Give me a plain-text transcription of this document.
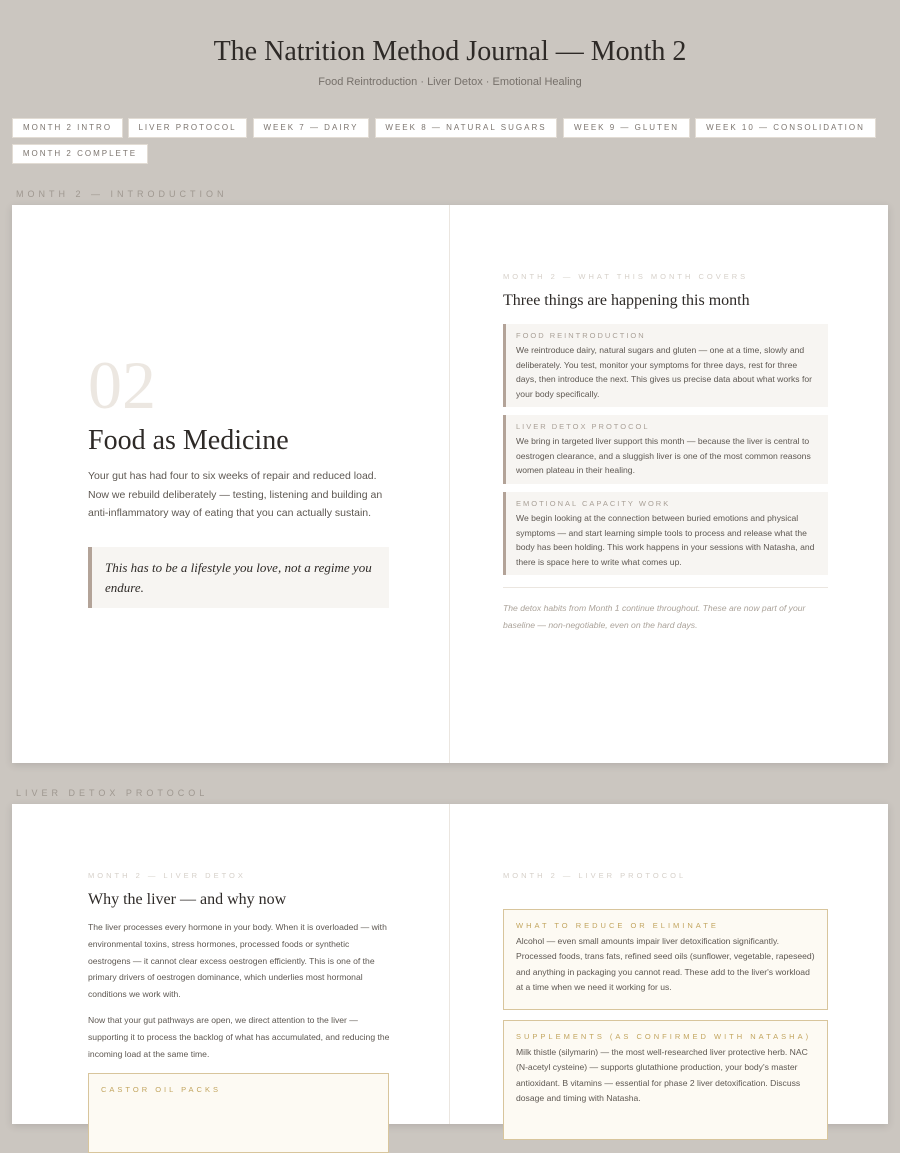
The Natrition Method Journal — Month 2
Food Reintroduction · Liver Detox · Emotional Healing
MONTH 2 INTRO	LIVER PROTOCOL	WEEK 7 — DAIRY	WEEK 8 — NATURAL SUGARS	WEEK 9 — GLUTEN	WEEK 10 — CONSOLIDATION
MONTH 2 COMPLETE
MONTH 2 — INTRODUCTION
02
Food as Medicine
Your gut has had four to six weeks of repair and reduced load. Now we rebuild deliberately — testing, listening and building an anti-inflammatory way of eating that you can actually sustain.
This has to be a lifestyle you love, not a regime you endure.
MONTH 2 — WHAT THIS MONTH COVERS
Three things are happening this month
FOOD REINTRODUCTION
We reintroduce dairy, natural sugars and gluten — one at a time, slowly and deliberately. You test, monitor your symptoms for three days, rest for three days, then introduce the next. This gives us precise data about what works for your body specifically.
LIVER DETOX PROTOCOL
We bring in targeted liver support this month — because the liver is central to oestrogen clearance, and a sluggish liver is one of the most common reasons women plateau in their healing.
EMOTIONAL CAPACITY WORK
We begin looking at the connection between buried emotions and physical symptoms — and start learning simple tools to process and release what the body has been holding. This work happens in your sessions with Natasha, and there is space here to write what comes up.
The detox habits from Month 1 continue throughout. These are now part of your baseline — non-negotiable, even on the hard days.
LIVER DETOX PROTOCOL
MONTH 2 — LIVER DETOX
Why the liver — and why now
The liver processes every hormone in your body. When it is overloaded — with environmental toxins, stress hormones, processed foods or synthetic oestrogens — it cannot clear excess oestrogen efficiently. This is one of the primary drivers of oestrogen dominance, which underlies most hormonal conditions we work with.
Now that your gut pathways are open, we direct attention to the liver — supporting it to process the backlog of what has accumulated, and reducing the incoming load at the same time.
CASTOR OIL PACKS
MONTH 2 — LIVER PROTOCOL
WHAT TO REDUCE OR ELIMINATE
Alcohol — even small amounts impair liver detoxification significantly. Processed foods, trans fats, refined seed oils (sunflower, vegetable, rapeseed) and anything in packaging you cannot read. These add to the liver's workload at a time when we need it working for us.
SUPPLEMENTS (AS CONFIRMED WITH NATASHA)
Milk thistle (silymarin) — the most well-researched liver protective herb. NAC (N-acetyl cysteine) — supports glutathione production, your body's master antioxidant. B vitamins — essential for phase 2 liver detoxification. Discuss dosage and timing with Natasha.
